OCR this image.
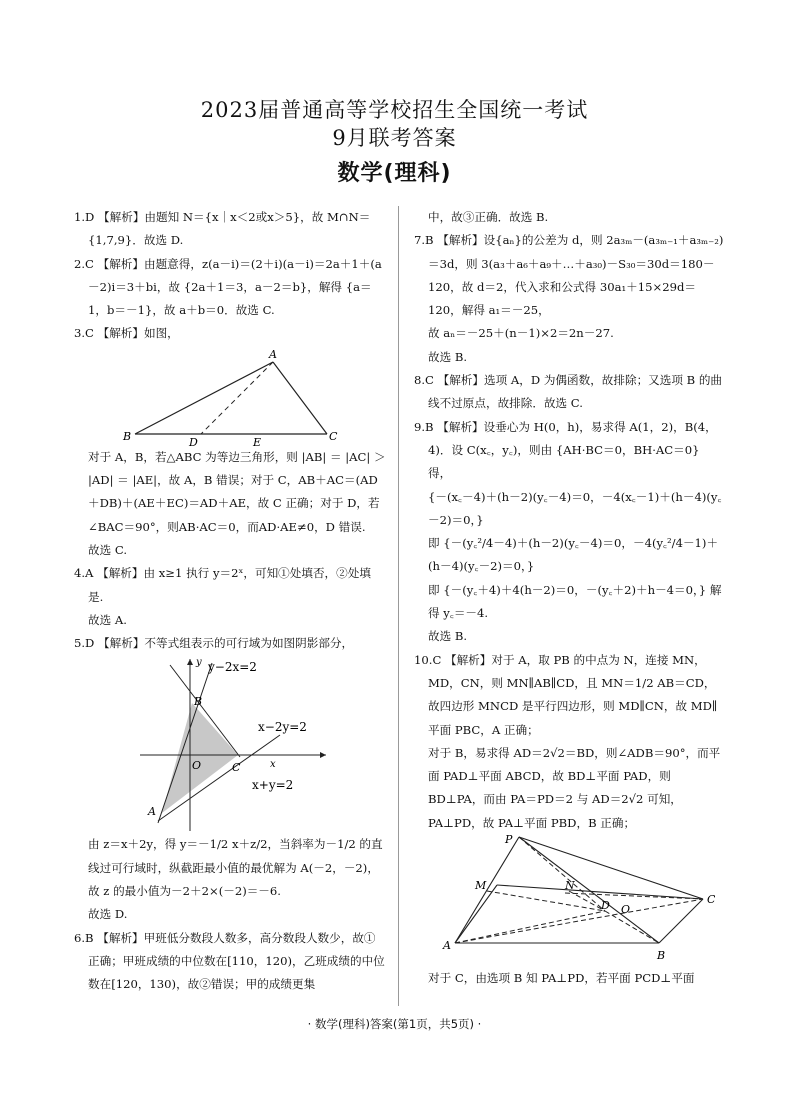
2023届普通高等学校招生全国统一考试
9月联考答案
数学(理科)

1.D 【解析】由题知 N＝{x｜x＜2或x＞5}，故 M∩N＝{1,7,9}．故选 D.

2.C 【解析】由题意得，z(a－i)＝(2＋i)(a－i)＝2a＋1＋(a－2)i＝3＋bi，故 {2a＋1＝3，a－2＝b}，解得 {a＝1，b＝－1}，故 a＋b＝0．故选 C.

3.C 【解析】如图，

A
B	C
D	E

对于 A，B，若△ABC 为等边三角形，则 |AB| ＝ |AC| ＞ |AD| ＝ |AE|，故 A，B 错误；对于 C，AB＋AC＝(AD＋DB)＋(AE＋EC)＝AD＋AE，故 C 正确；对于 D，若∠BAC＝90°，则AB·AC＝0，而AD·AE≠0，D 错误.

故选 C.

4.A 【解析】由 x≥1 执行 y＝2ˣ，可知①处填否，②处填是.

故选 A.

5.D 【解析】不等式组表示的可行域为如图阴影部分，

y−2x=2
x−2y=2
x+y=2
y
x
O
B
C
A

由 z＝x＋2y，得 y＝－1/2 x＋z/2，当斜率为－1/2 的直线过可行域时，纵截距最小值的最优解为 A(－2，－2)，故 z 的最小值为－2＋2×(－2)＝－6.

故选 D.

6.B 【解析】甲班低分数段人数多，高分数段人数少，故①正确；甲班成绩的中位数在[110，120)，乙班成绩的中位数在[120，130)，故②错误；甲的成绩更集

中，故③正确．故选 B.

7.B 【解析】设{aₙ}的公差为 d，则 2a₃ₘ－(a₃ₘ₋₁＋a₃ₘ₋₂)＝3d，则 3(a₃＋a₆＋a₉＋…＋a₃₀)－S₃₀＝30d＝180－120，故 d＝2，代入求和公式得 30a₁＋15×29d＝120，解得 a₁＝－25，

故 aₙ＝－25＋(n－1)×2＝2n－27.

故选 B.

8.C 【解析】选项 A，D 为偶函数，故排除；又选项 B 的曲线不过原点，故排除．故选 C.

9.B 【解析】设垂心为 H(0，h)，易求得 A(1，2)，B(4，4)．设 C(x꜀，y꜀)，则由 {AH·BC＝0，BH·AC＝0} 得，

{－(x꜀－4)＋(h－2)(y꜀－4)＝0，－4(x꜀－1)＋(h－4)(y꜀－2)＝0，}

即 {－(y꜀²/4－4)＋(h－2)(y꜀－4)＝0，－4(y꜀²/4－1)＋(h－4)(y꜀－2)＝0，}

即 {－(y꜀＋4)＋4(h－2)＝0，－(y꜀＋2)＋h－4＝0，} 解得 y꜀＝－4.

故选 B.

10.C 【解析】对于 A，取 PB 的中点为 N，连接 MN，MD，CN，则 MN∥AB∥CD，且 MN＝1/2 AB＝CD，故四边形 MNCD 是平行四边形，则 MD∥CN，故 MD∥平面 PBC，A 正确；

对于 B，易求得 AD＝2√2＝BD，则∠ADB＝90°，而平面 PAD⊥平面 ABCD，故 BD⊥平面 PAD，则 BD⊥PA，而由 PA＝PD＝2 与 AD＝2√2 可知，PA⊥PD，故 PA⊥平面 PBD，B 正确；

P
M	N
A
B
C
D O

对于 C，由选项 B 知 PA⊥PD，若平面 PCD⊥平面

· 数学(理科)答案(第1页，共5页) ·
